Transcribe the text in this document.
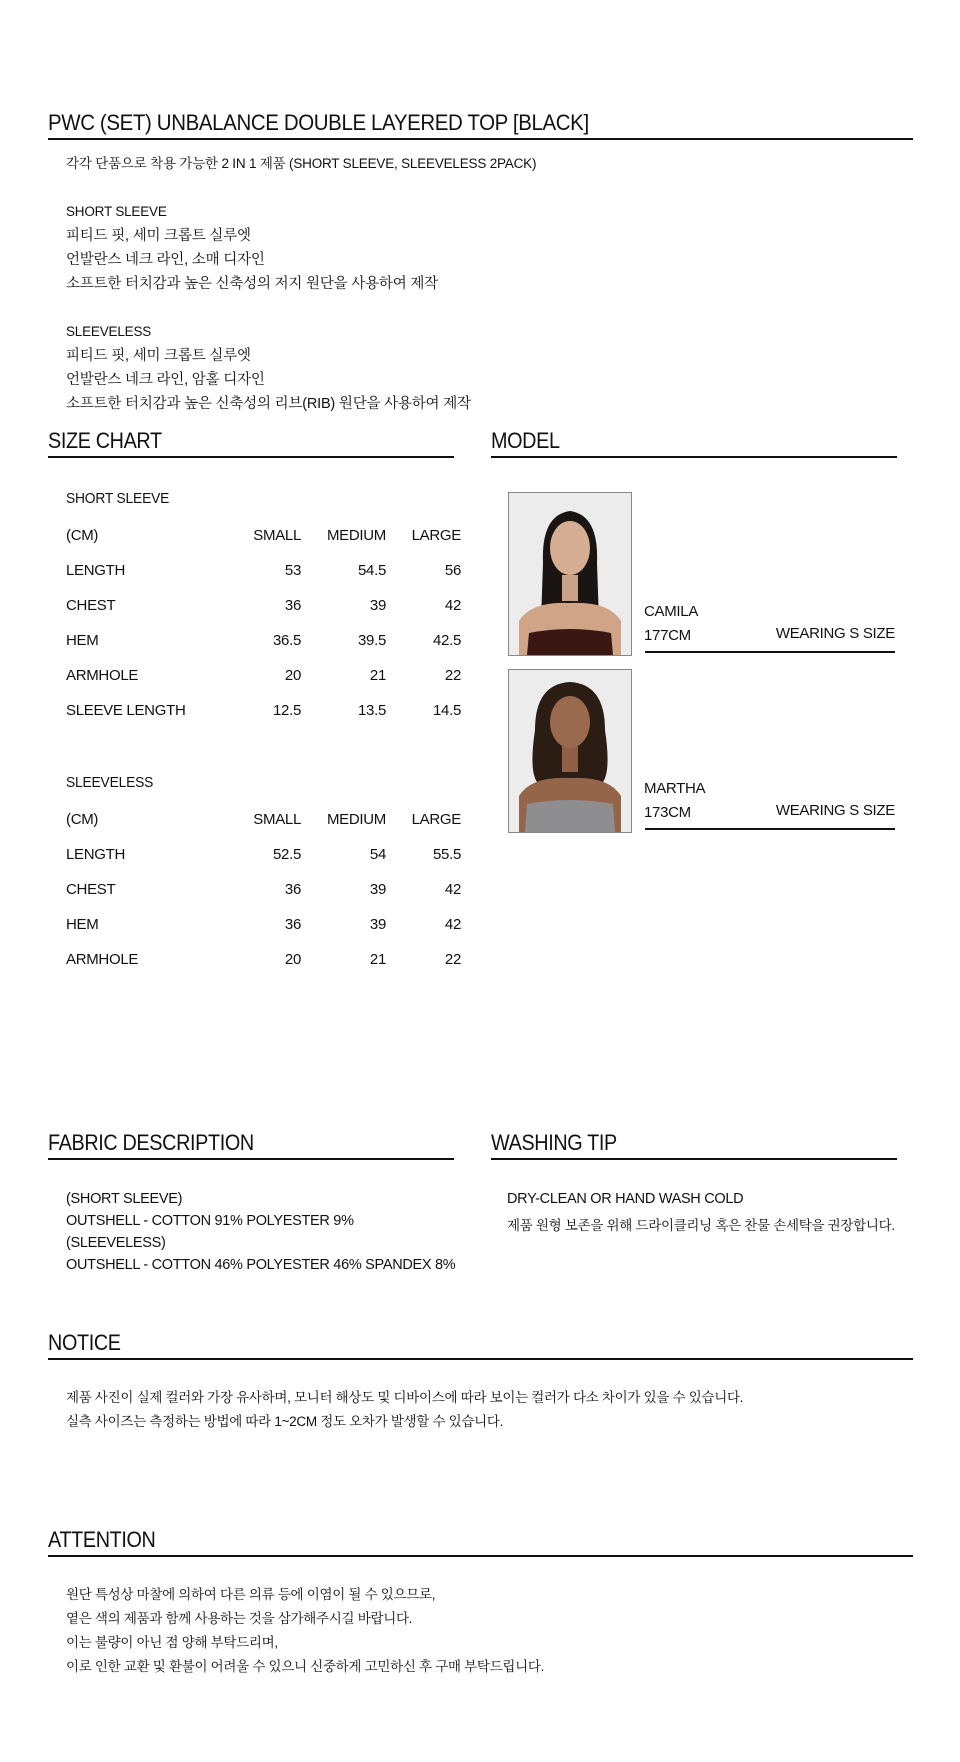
PWC (SET) UNBALANCE DOUBLE LAYERED TOP [BLACK]
각각 단품으로 착용 가능한 2 IN 1 제품 (SHORT SLEEVE, SLEEVELESS 2PACK)
SHORT SLEEVE
피티드 핏, 세미 크롭트 실루엣
언발란스 네크 라인, 소매 디자인
소프트한 터치감과 높은 신축성의 저지 원단을 사용하여 제작
SLEEVELESS
피티드 핏, 세미 크롭트 실루엣
언발란스 네크 라인, 암홀 디자인
소프트한 터치감과 높은 신축성의 리브(RIB) 원단을 사용하여 제작
SIZE CHART
SHORT SLEEVE
(CM)	SMALL	MEDIUM	LARGE
LENGTH	53	54.5	56
CHEST	36	39	42
HEM	36.5	39.5	42.5
ARMHOLE	20	21	22
SLEEVE LENGTH	12.5	13.5	14.5
SLEEVELESS
(CM)	SMALL	MEDIUM	LARGE
LENGTH	52.5	54	55.5
CHEST	36	39	42
HEM	36	39	42
ARMHOLE	20	21	22
MODEL
CAMILA
177CM	WEARING S SIZE
MARTHA
173CM	WEARING S SIZE
FABRIC DESCRIPTION
(SHORT SLEEVE)
OUTSHELL - COTTON 91% POLYESTER 9%
(SLEEVELESS)
OUTSHELL - COTTON 46% POLYESTER 46% SPANDEX 8%
WASHING TIP
DRY-CLEAN OR HAND WASH COLD
제품 원형 보존을 위해 드라이클리닝 혹은 찬물 손세탁을 권장합니다.
NOTICE
제품 사진이 실제 컬러와 가장 유사하며, 모니터 해상도 및 디바이스에 따라 보이는 컬러가 다소 차이가 있을 수 있습니다.
실측 사이즈는 측정하는 방법에 따라 1~2CM 정도 오차가 발생할 수 있습니다.
ATTENTION
원단 특성상 마찰에 의하여 다른 의류 등에 이염이 될 수 있으므로,
옅은 색의 제품과 함께 사용하는 것을 삼가해주시길 바랍니다.
이는 불량이 아닌 점 양해 부탁드리며,
이로 인한 교환 및 환불이 어려울 수 있으니 신중하게 고민하신 후 구매 부탁드립니다.
